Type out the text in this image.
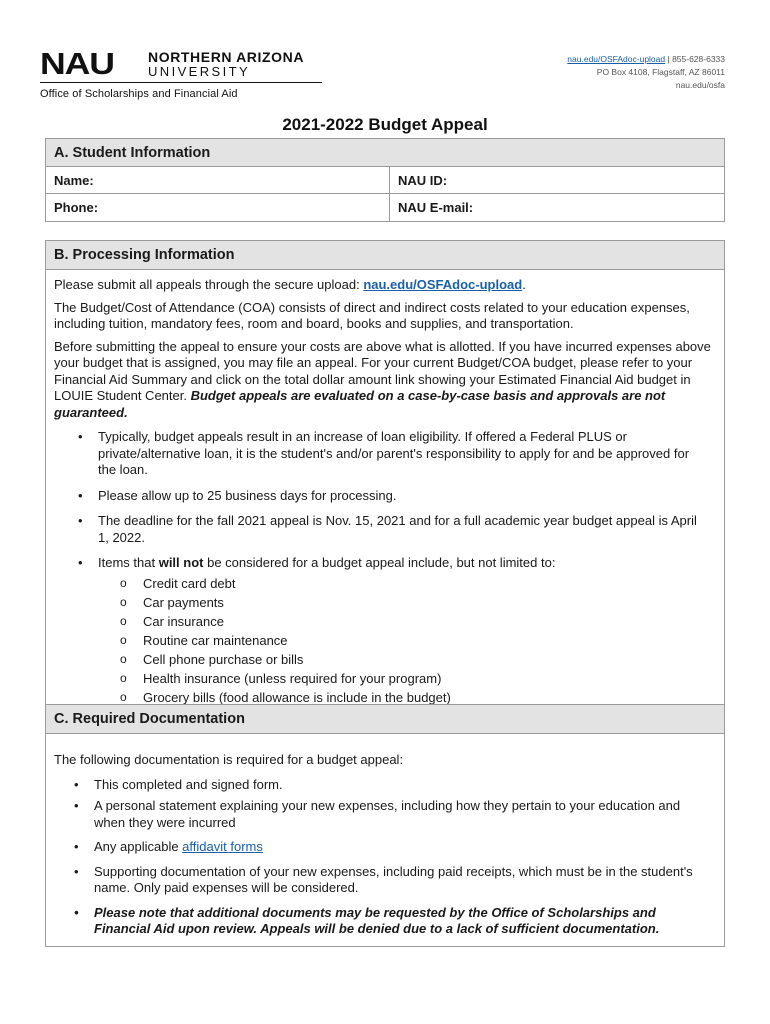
NAU	NORTHERN ARIZONA
UNIVERSITY
Office of Scholarships and Financial Aid
nau.edu/OSFAdoc-upload | 855-628-6333
PO Box 4108, Flagstaff, AZ 86011
nau.edu/osfa
2021-2022 Budget Appeal
A. Student Information
Name:	NAU ID:
Phone:	NAU E-mail:
B. Processing Information

Please submit all appeals through the secure upload: nau.edu/OSFAdoc-upload.

The Budget/Cost of Attendance (COA) consists of direct and indirect costs related to your education expenses, including tuition, mandatory fees, room and board, books and supplies, and transportation.

Before submitting the appeal to ensure your costs are above what is allotted. If you have incurred expenses above your budget that is assigned, you may file an appeal. For your current Budget/COA budget, please refer to your Financial Aid Summary and click on the total dollar amount link showing your Estimated Financial Aid budget in LOUIE Student Center. Budget appeals are evaluated on a case-by-case basis and approvals are not guaranteed.

• Typically, budget appeals result in an increase of loan eligibility. If offered a Federal PLUS or private/alternative loan, it is the student's and/or parent's responsibility to apply for and be approved for the loan.
• Please allow up to 25 business days for processing.
• The deadline for the fall 2021 appeal is Nov. 15, 2021 and for a full academic year budget appeal is April 1, 2022.
• Items that will not be considered for a budget appeal include, but not limited to:
o Credit card debt
o Car payments
o Car insurance
o Routine car maintenance
o Cell phone purchase or bills
o Health insurance (unless required for your program)
o Grocery bills (food allowance is include in the budget)
C. Required Documentation

The following documentation is required for a budget appeal:

• This completed and signed form.
• A personal statement explaining your new expenses, including how they pertain to your education and when they were incurred
• Any applicable affidavit forms
• Supporting documentation of your new expenses, including paid receipts, which must be in the student's name. Only paid expenses will be considered.
• Please note that additional documents may be requested by the Office of Scholarships and Financial Aid upon review. Appeals will be denied due to a lack of sufficient documentation.
